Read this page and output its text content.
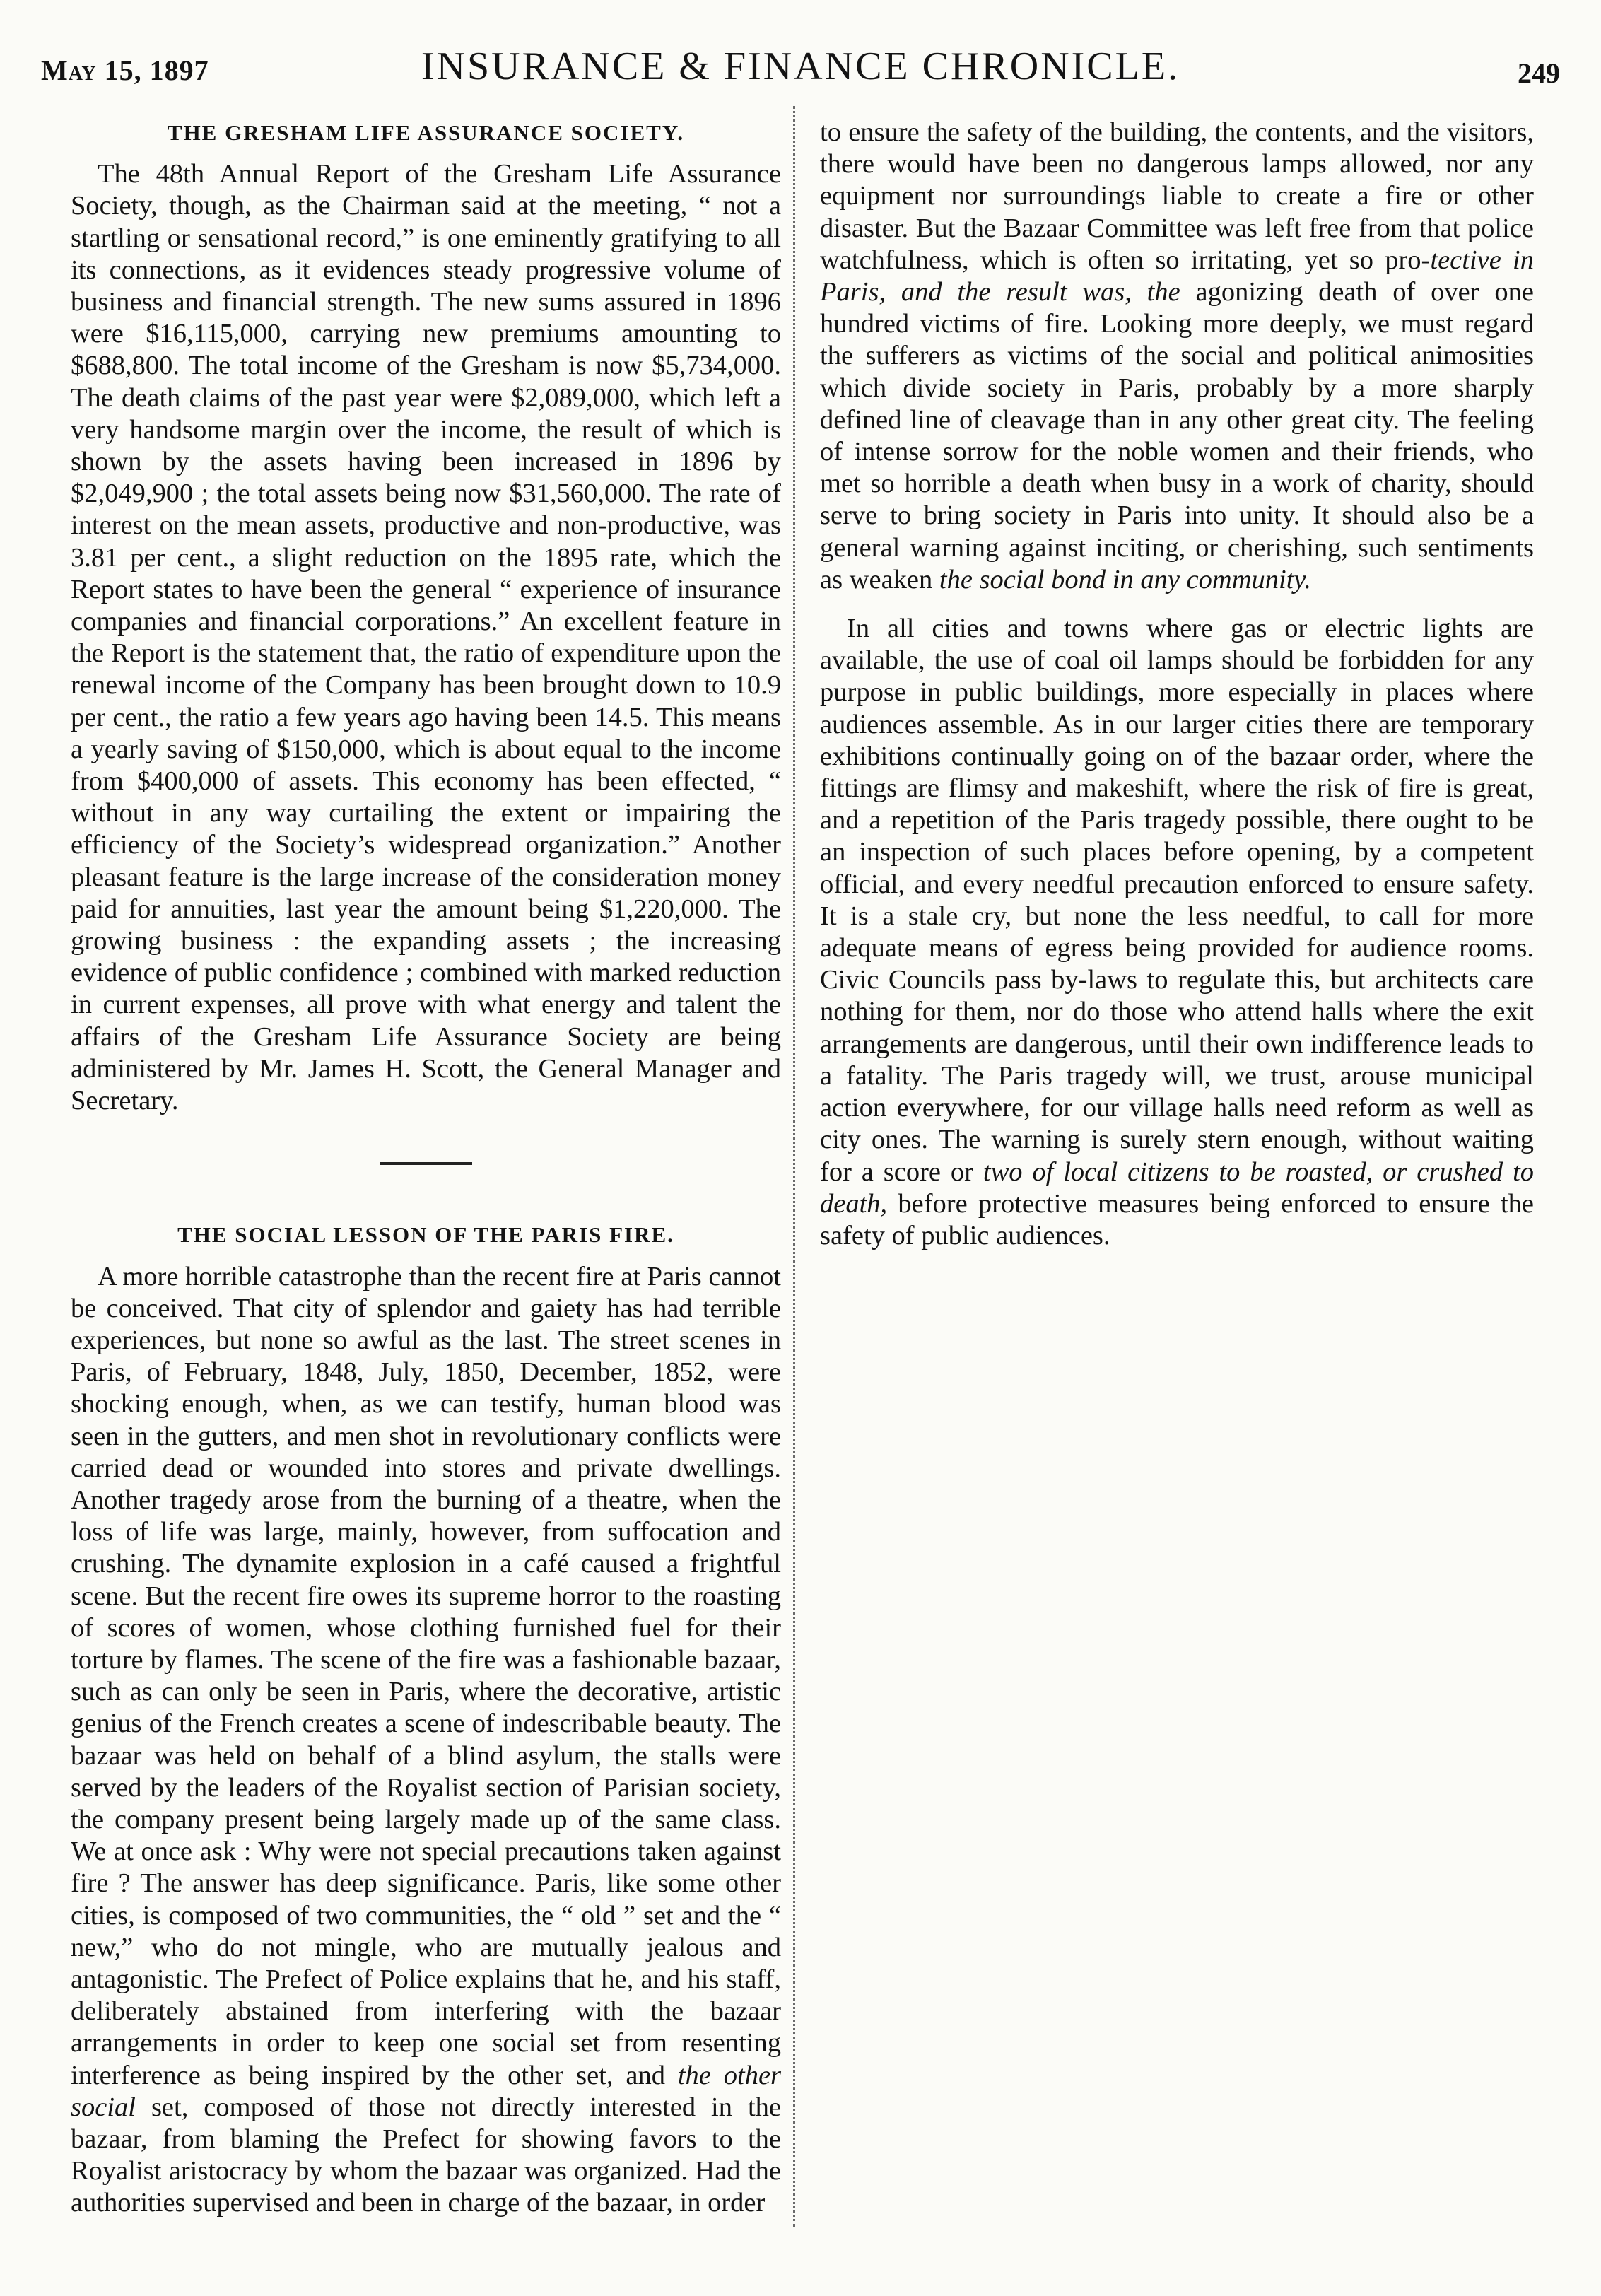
May 15, 1897	INSURANCE & FINANCE CHRONICLE.	249
THE GRESHAM LIFE ASSURANCE SOCIETY.

The 48th Annual Report of the Gresham Life Assurance Society, though, as the Chairman said at the meeting, “ not a startling or sensational record,” is one eminently gratifying to all its connections, as it evidences steady progressive volume of business and financial strength. The new sums assured in 1896 were $16,115,000, carrying new premiums amounting to $688,800. The total income of the Gresham is now $5,734,000. The death claims of the past year were $2,089,000, which left a very handsome margin over the income, the result of which is shown by the assets having been increased in 1896 by $2,049,900 ; the total assets being now $31,560,000. The rate of interest on the mean assets, productive and non-productive, was 3.81 per cent., a slight reduction on the 1895 rate, which the Report states to have been the general “ experience of insurance companies and financial corporations.” An excellent feature in the Report is the statement that, the ratio of expenditure upon the renewal income of the Company has been brought down to 10.9 per cent., the ratio a few years ago having been 14.5. This means a yearly saving of $150,000, which is about equal to the income from $400,000 of assets. This economy has been effected, “ without in any way curtailing the extent or impairing the efficiency of the Society’s widespread organization.” Another pleasant feature is the large increase of the consideration money paid for annuities, last year the amount being $1,220,000. The growing business : the expanding assets ; the increasing evidence of public confidence ; combined with marked reduction in current expenses, all prove with what energy and talent the affairs of the Gresham Life Assurance Society are being administered by Mr. James H. Scott, the General Manager and Secretary.

THE SOCIAL LESSON OF THE PARIS FIRE.

A more horrible catastrophe than the recent fire at Paris cannot be conceived. That city of splendor and gaiety has had terrible experiences, but none so awful as the last. The street scenes in Paris, of February, 1848, July, 1850, December, 1852, were shocking enough, when, as we can testify, human blood was seen in the gutters, and men shot in revolutionary conflicts were carried dead or wounded into stores and private dwellings. Another tragedy arose from the burning of a theatre, when the loss of life was large, mainly, however, from suffocation and crushing. The dynamite explosion in a café caused a frightful scene. But the recent fire owes its supreme horror to the roasting of scores of women, whose clothing furnished fuel for their torture by flames. The scene of the fire was a fashionable bazaar, such as can only be seen in Paris, where the decorative, artistic genius of the French creates a scene of indescribable beauty. The bazaar was held on behalf of a blind asylum, the stalls were served by the leaders of the Royalist section of Parisian society, the company present being largely made up of the same class. We at once ask : Why were not special precautions taken against fire ? The answer has deep significance. Paris, like some other cities, is composed of two communities, the “ old ” set and the “ new,” who do not mingle, who are mutually jealous and antagonistic. The Prefect of Police explains that he, and his staff, deliberately abstained from interfering with the bazaar arrangements in order to keep one social set from resenting interference as being inspired by the other set, and the other social set, composed of those not directly interested in the bazaar, from blaming the Prefect for showing favors to the Royalist aristocracy by whom the bazaar was organized. Had the authorities supervised and been in charge of the bazaar, in order

to ensure the safety of the building, the contents, and the visitors, there would have been no dangerous lamps allowed, nor any equipment nor surroundings liable to create a fire or other disaster. But the Bazaar Committee was left free from that police watchfulness, which is often so irritating, yet so pro-tective in Paris, and the result was, the agonizing death of over one hundred victims of fire. Looking more deeply, we must regard the sufferers as victims of the social and political animosities which divide society in Paris, probably by a more sharply defined line of cleavage than in any other great city. The feeling of intense sorrow for the noble women and their friends, who met so horrible a death when busy in a work of charity, should serve to bring society in Paris into unity. It should also be a general warning against inciting, or cherishing, such sentiments as weaken the social bond in any community.

In all cities and towns where gas or electric lights are available, the use of coal oil lamps should be forbidden for any purpose in public buildings, more especially in places where audiences assemble. As in our larger cities there are temporary exhibitions continually going on of the bazaar order, where the fittings are flimsy and makeshift, where the risk of fire is great, and a repetition of the Paris tragedy possible, there ought to be an inspection of such places before opening, by a competent official, and every needful precaution enforced to ensure safety. It is a stale cry, but none the less needful, to call for more adequate means of egress being provided for audience rooms. Civic Councils pass by-laws to regulate this, but architects care nothing for them, nor do those who attend halls where the exit arrangements are dangerous, until their own indifference leads to a fatality. The Paris tragedy will, we trust, arouse municipal action everywhere, for our village halls need reform as well as city ones. The warning is surely stern enough, without waiting for a score or two of local citizens to be roasted, or crushed to death, before protective measures being enforced to ensure the safety of public audiences.
